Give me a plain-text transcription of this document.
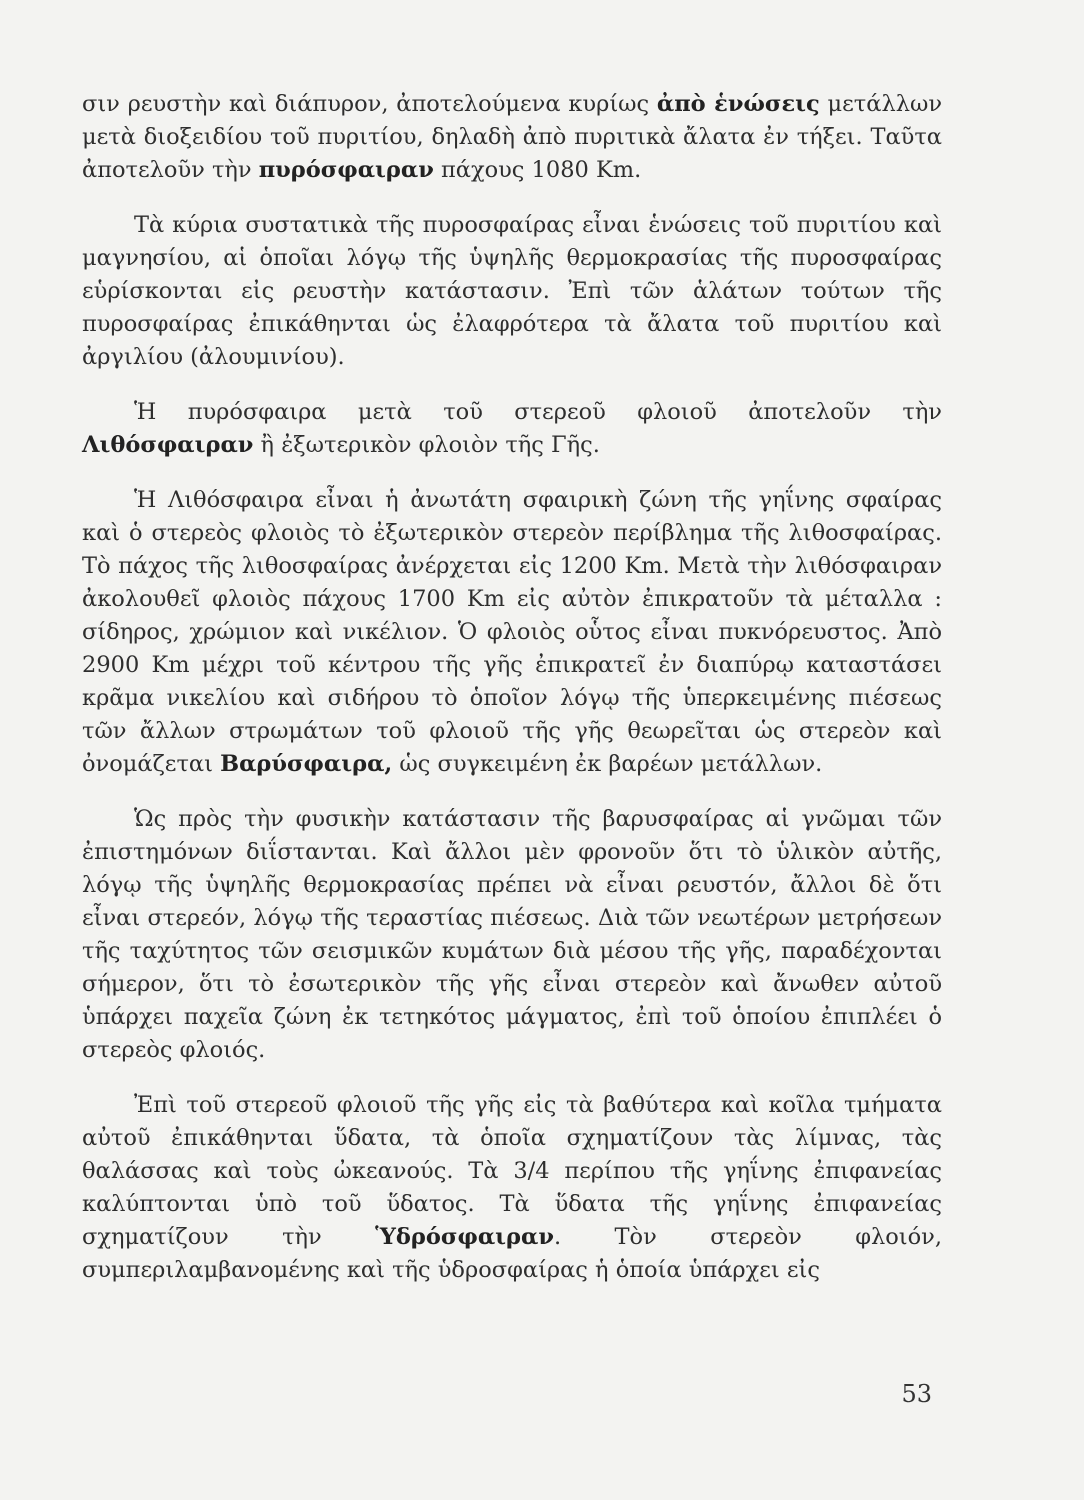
σιν ρευστὴν καὶ διάπυρον, ἀποτελούμενα κυρίως ἀπὸ ἑνώσεις μετάλλων μετὰ διοξειδίου τοῦ πυριτίου, δηλαδὴ ἀπὸ πυριτικὰ ἄλατα ἐν τήξει. Ταῦτα ἀποτελοῦν τὴν πυρόσφαιραν πάχους 1080 Km.

Τὰ κύρια συστατικὰ τῆς πυροσφαίρας εἶναι ἑνώσεις τοῦ πυριτίου καὶ μαγνησίου, αἱ ὁποῖαι λόγῳ τῆς ὑψηλῆς θερμοκρασίας τῆς πυροσφαίρας εὑρίσκονται εἰς ρευστὴν κατάστασιν. Ἐπὶ τῶν ἁλάτων τούτων τῆς πυροσφαίρας ἐπικάθηνται ὡς ἐλαφρότερα τὰ ἄλατα τοῦ πυριτίου καὶ ἀργιλίου (ἀλουμινίου).

Ἡ πυρόσφαιρα μετὰ τοῦ στερεοῦ φλοιοῦ ἀποτελοῦν τὴν Λιθόσφαιραν ἢ ἐξωτερικὸν φλοιὸν τῆς Γῆς.

Ἡ Λιθόσφαιρα εἶναι ἡ ἀνωτάτη σφαιρικὴ ζώνη τῆς γηΐνης σφαίρας καὶ ὁ στερεὸς φλοιὸς τὸ ἐξωτερικὸν στερεὸν περίβλημα τῆς λιθοσφαίρας. Τὸ πάχος τῆς λιθοσφαίρας ἀνέρχεται εἰς 1200 Km. Μετὰ τὴν λιθόσφαιραν ἀκολουθεῖ φλοιὸς πάχους 1700 Km εἰς αὐτὸν ἐπικρατοῦν τὰ μέταλλα : σίδηρος, χρώμιον καὶ νικέλιον. Ὁ φλοιὸς οὗτος εἶναι πυκνόρευστος. Ἀπὸ 2900 Km μέχρι τοῦ κέντρου τῆς γῆς ἐπικρατεῖ ἐν διαπύρῳ καταστάσει κρᾶμα νικελίου καὶ σιδήρου τὸ ὁποῖον λόγῳ τῆς ὑπερκειμένης πιέσεως τῶν ἄλλων στρωμάτων τοῦ φλοιοῦ τῆς γῆς θεωρεῖται ὡς στερεὸν καὶ ὀνομάζεται Βαρύσφαιρα, ὡς συγκειμένη ἐκ βαρέων μετάλλων.

Ὡς πρὸς τὴν φυσικὴν κατάστασιν τῆς βαρυσφαίρας αἱ γνῶμαι τῶν ἐπιστημόνων διΐστανται. Καὶ ἄλλοι μὲν φρονοῦν ὅτι τὸ ὑλικὸν αὐτῆς, λόγῳ τῆς ὑψηλῆς θερμοκρασίας πρέπει νὰ εἶναι ρευστόν, ἄλλοι δὲ ὅτι εἶναι στερεόν, λόγῳ τῆς τεραστίας πιέσεως. Διὰ τῶν νεωτέρων μετρήσεων τῆς ταχύτητος τῶν σεισμικῶν κυμάτων διὰ μέσου τῆς γῆς, παραδέχονται σήμερον, ὅτι τὸ ἐσωτερικὸν τῆς γῆς εἶναι στερεὸν καὶ ἄνωθεν αὐτοῦ ὑπάρχει παχεῖα ζώνη ἐκ τετηκότος μάγματος, ἐπὶ τοῦ ὁποίου ἐπιπλέει ὁ στερεὸς φλοιός.

Ἐπὶ τοῦ στερεοῦ φλοιοῦ τῆς γῆς εἰς τὰ βαθύτερα καὶ κοῖλα τμήματα αὐτοῦ ἐπικάθηνται ὕδατα, τὰ ὁποῖα σχηματίζουν τὰς λίμνας, τὰς θαλάσσας καὶ τοὺς ὠκεανούς. Τὰ 3/4 περίπου τῆς γηΐνης ἐπιφανείας καλύπτονται ὑπὸ τοῦ ὕδατος. Τὰ ὕδατα τῆς γηΐνης ἐπιφανείας σχηματίζουν τὴν Ὑδρόσφαιραν. Τὸν στερεὸν φλοιόν, συμπεριλαμβανομένης καὶ τῆς ὑδροσφαίρας ἡ ὁποία ὑπάρχει εἰς

53
